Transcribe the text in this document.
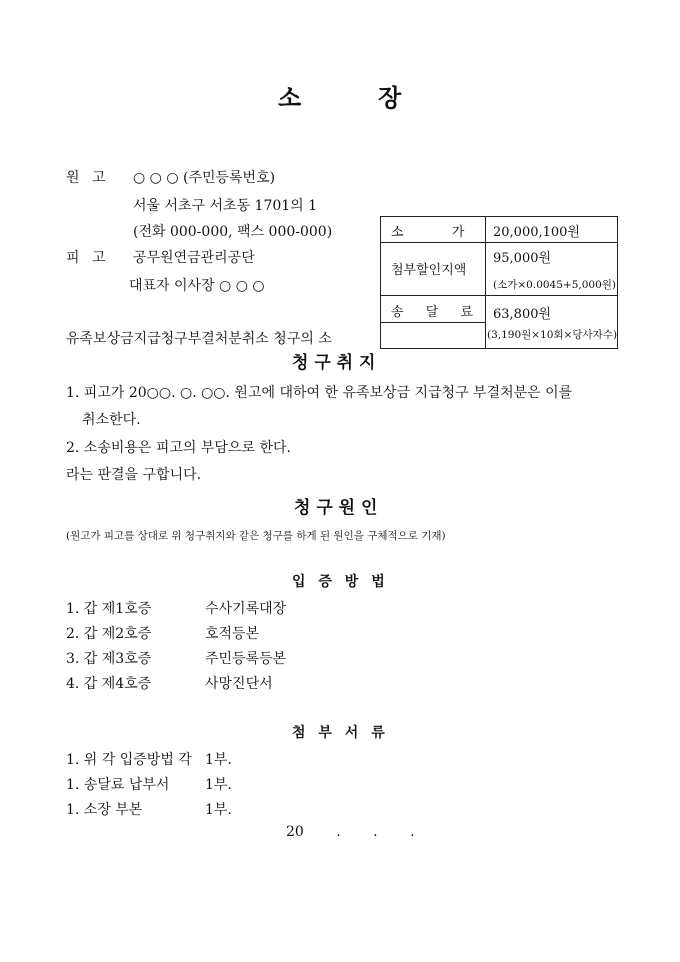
소	장
원 고 ○ ○ ○ (주민등록번호)
서울 서초구 서초동 1701의 1
(전화 000-000, 팩스 000-000)
피 고 공무원연금관리공단
대표자 이사장 ○ ○ ○
소 가 20,000,100원
첨부할인지액
95,000원
(소가×0.0045+5,000원)
송 달 료 63,800원
(3,190원×10회×당사자수)
유족보상금지급청구부결처분취소 청구의 소
청 구 취 지
1. 피고가 20○○. ○. ○○. 원고에 대하여 한 유족보상금 지급청구 부결처분은 이를
취소한다.
2. 소송비용은 피고의 부담으로 한다.
라는 판결을 구합니다.
청 구 원 인
(원고가 피고를 상대로 위 청구취지와 같은 청구를 하게 된 원인을 구체적으로 기재)
입 증 방 법
1. 갑 제1호증	수사기록대장
2. 갑 제2호증	호적등본
3. 갑 제3호증	주민등록등본
4. 갑 제4호증	사망진단서
첨 부 서 류
1. 위 각 입증방법 각 1부.
1. 송달료 납부서	1부.
1. 소장 부본	1부.
20 . . .
